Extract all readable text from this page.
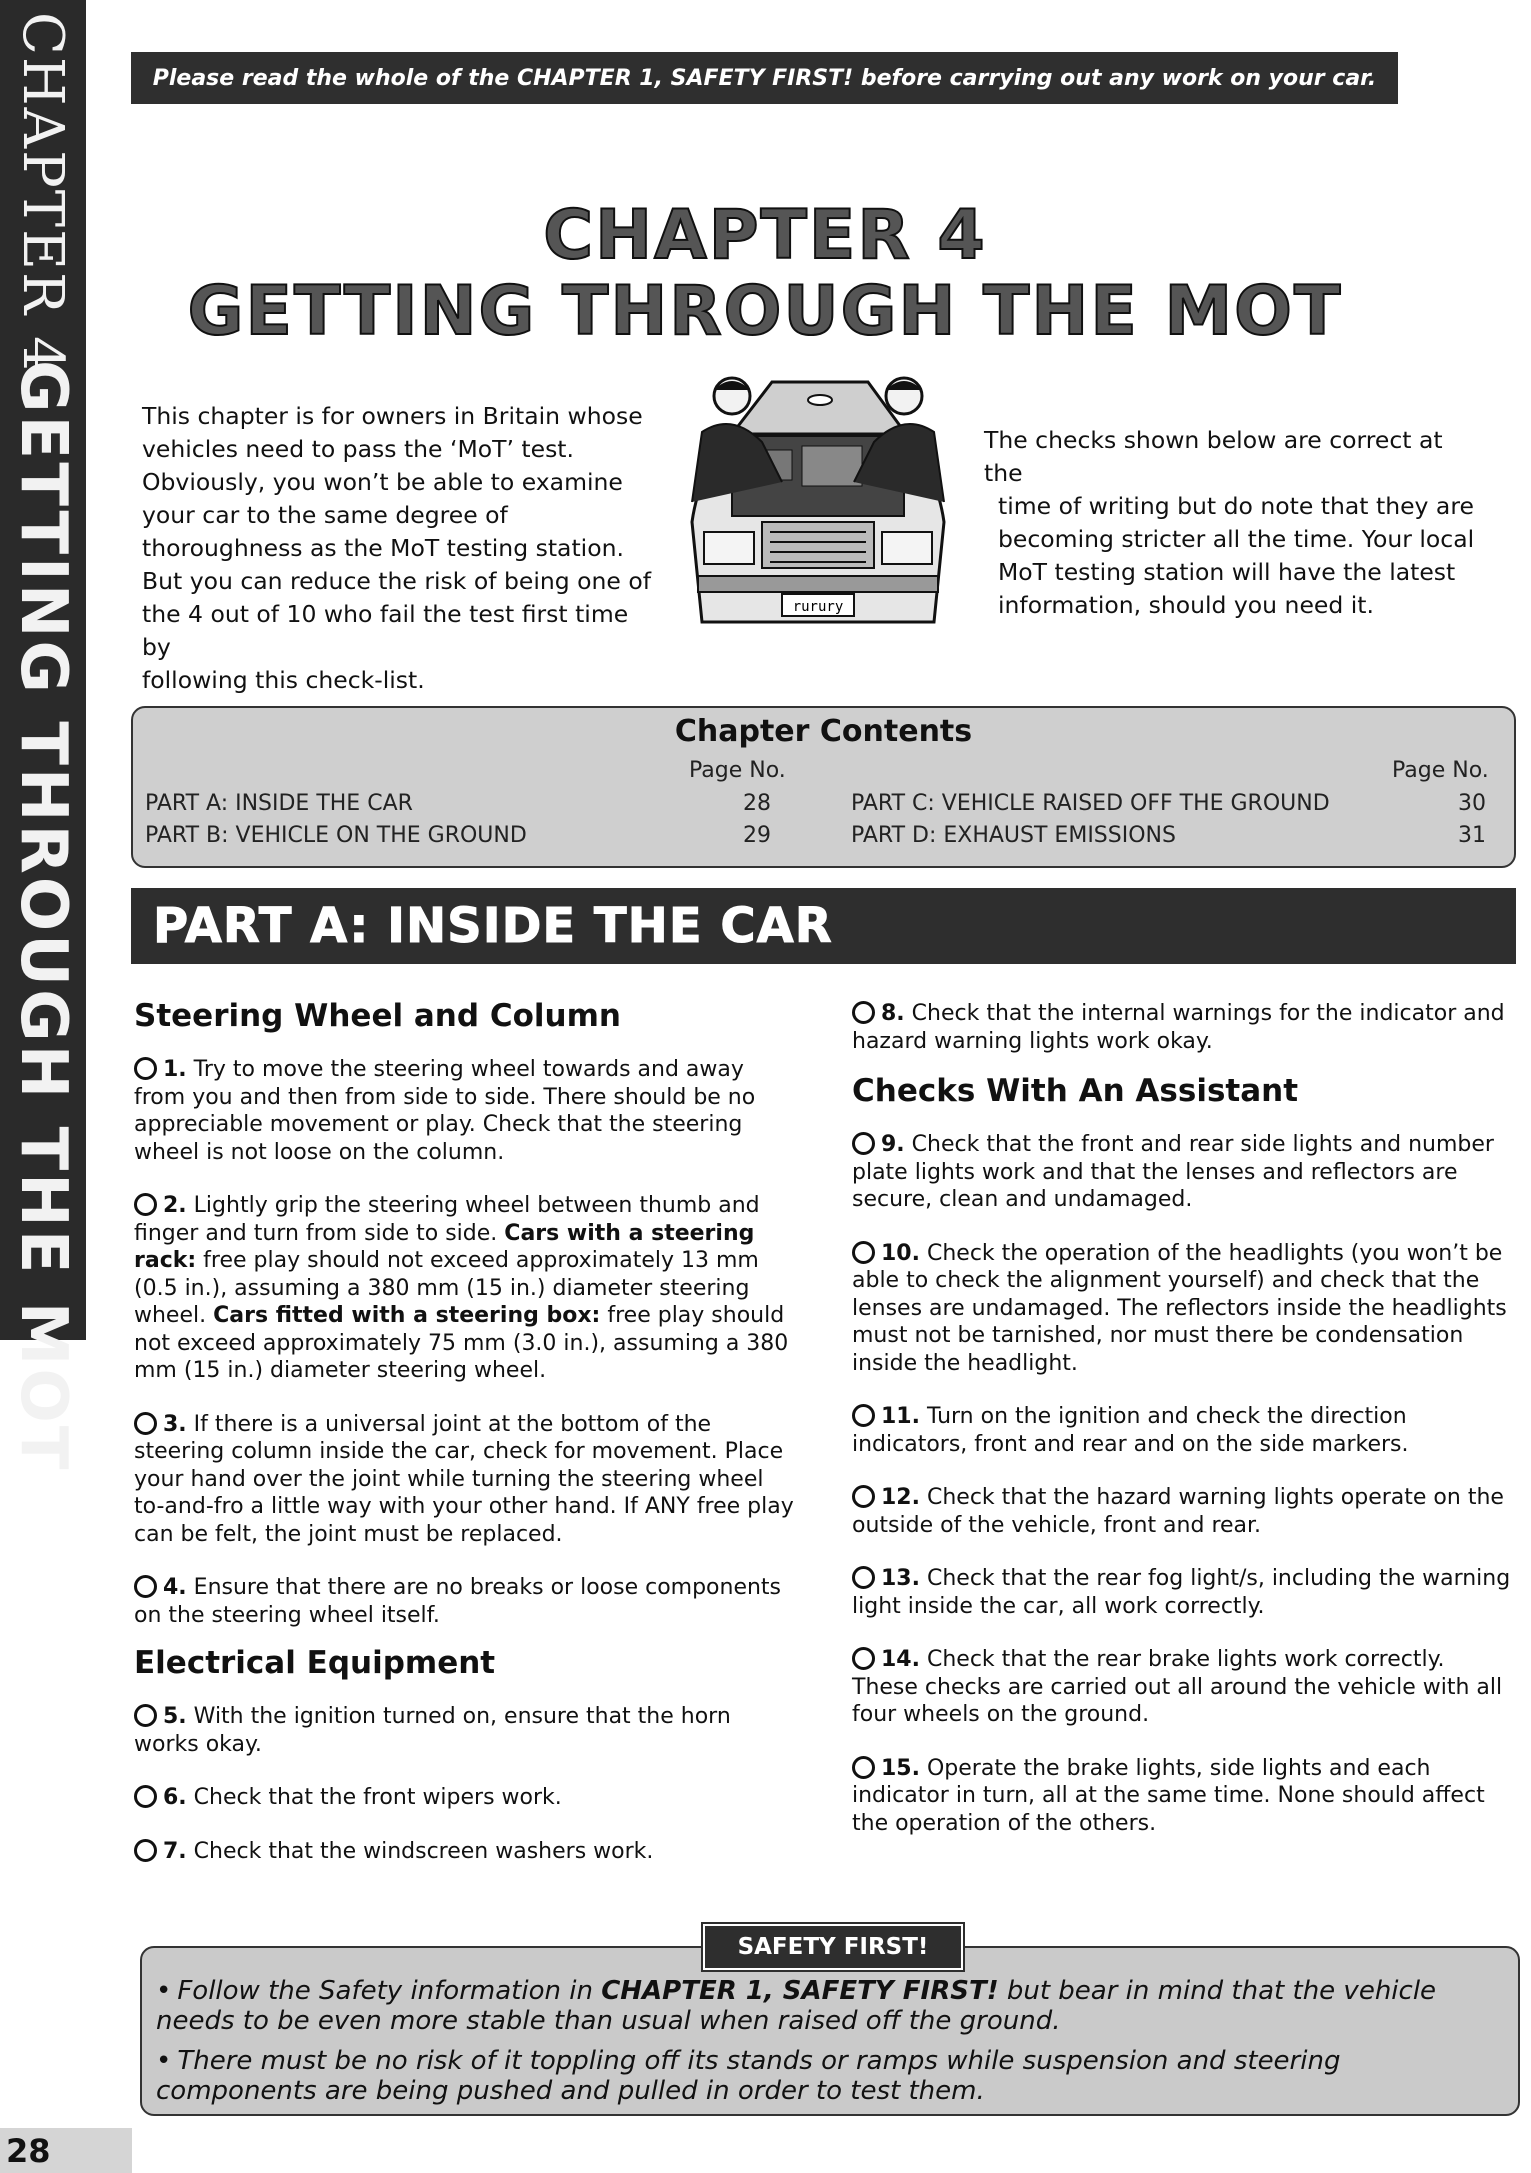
CHAPTER 4
GETTING THROUGH THE MOT
Please read the whole of the CHAPTER 1, SAFETY FIRST! before carrying out any work on your car.
CHAPTER 4
GETTING THROUGH THE MOT
This chapter is for owners in Britain whose
vehicles need to pass the ‘MoT’ test.
Obviously, you won’t be able to examine
your car to the same degree of
thoroughness as the MoT testing station.
But you can reduce the risk of being one of
the 4 out of 10 who fail the test first time by
following this check-list.
rurury
The checks shown below are correct at the
time of writing but do note that they are
becoming stricter all the time. Your local
MoT testing station will have the latest
information, should you need it.
Chapter Contents
Page No.	Page No.
PART A: INSIDE THE CAR	28
PART B: VEHICLE ON THE GROUND	29
PART C: VEHICLE RAISED OFF THE GROUND	30
PART D: EXHAUST EMISSIONS	31
PART A: INSIDE THE CAR
Steering Wheel and Column
1. Try to move the steering wheel towards and away from you and then from side to side. There should be no appreciable movement or play. Check that the steering wheel is not loose on the column.
2. Lightly grip the steering wheel between thumb and finger and turn from side to side. Cars with a steering rack: free play should not exceed approximately 13 mm (0.5 in.), assuming a 380 mm (15 in.) diameter steering wheel. Cars fitted with a steering box: free play should not exceed approximately 75 mm (3.0 in.), assuming a 380 mm (15 in.) diameter steering wheel.
3. If there is a universal joint at the bottom of the steering column inside the car, check for movement. Place your hand over the joint while turning the steering wheel to-and-fro a little way with your other hand. If ANY free play can be felt, the joint must be replaced.
4. Ensure that there are no breaks or loose components on the steering wheel itself.
Electrical Equipment
5. With the ignition turned on, ensure that the horn works okay.
6. Check that the front wipers work.
7. Check that the windscreen washers work.
8. Check that the internal warnings for the indicator and hazard warning lights work okay.
Checks With An Assistant
9. Check that the front and rear side lights and number plate lights work and that the lenses and reflectors are secure, clean and undamaged.
10. Check the operation of the headlights (you won’t be able to check the alignment yourself) and check that the lenses are undamaged. The reflectors inside the headlights must not be tarnished, nor must there be condensation inside the headlight.
11. Turn on the ignition and check the direction indicators, front and rear and on the side markers.
12. Check that the hazard warning lights operate on the outside of the vehicle, front and rear.
13. Check that the rear fog light/s, including the warning light inside the car, all work correctly.
14. Check that the rear brake lights work correctly. These checks are carried out all around the vehicle with all four wheels on the ground.
15. Operate the brake lights, side lights and each indicator in turn, all at the same time. None should affect the operation of the others.

• Follow the Safety information in CHAPTER 1, SAFETY FIRST! but bear in mind that the vehicle needs to be even more stable than usual when raised off the ground.

• There must be no risk of it toppling off its stands or ramps while suspension and steering components are being pushed and pulled in order to test them.

SAFETY FIRST!
28
